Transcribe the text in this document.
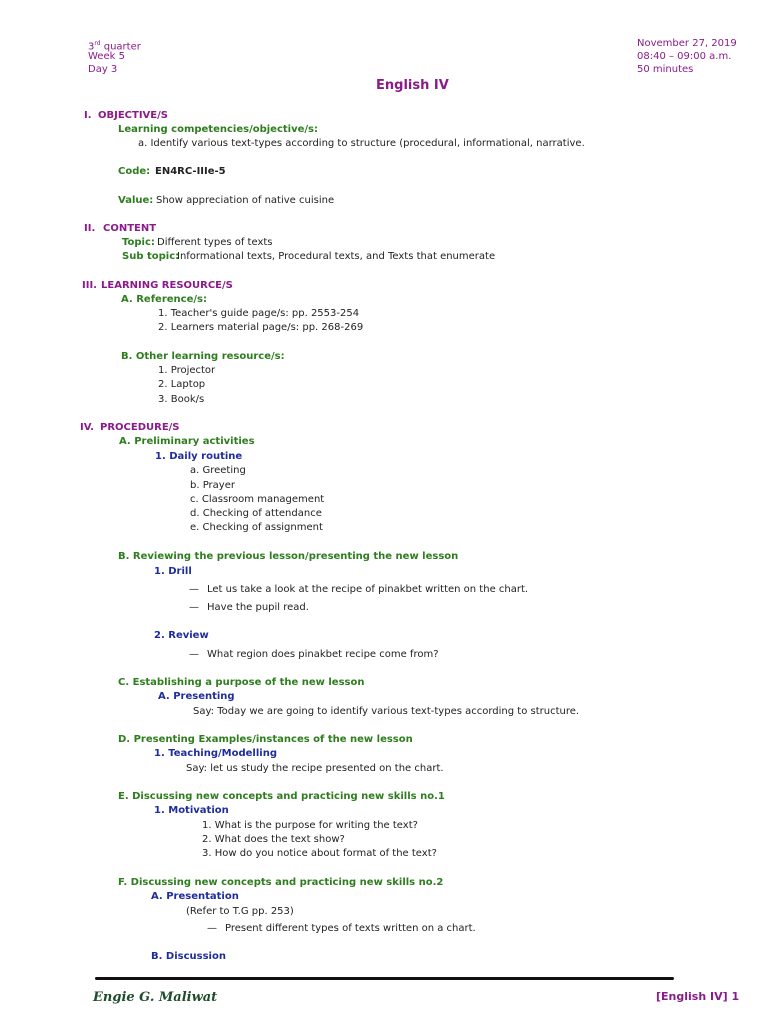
3rd quarter
Week 5
Day 3
November 27, 2019
08:40 – 09:00 a.m.
50 minutes
English IV
I. OBJECTIVE/S
Learning competencies/objective/s:
a. Identify various text-types according to structure (procedural, informational, narrative.
Code: EN4RC-IIIe-5
Value: Show appreciation of native cuisine
II. CONTENT
Topic: Different types of texts
Sub topic:
Informational texts, Procedural texts, and Texts that enumerate
III. LEARNING RESOURCE/S
A. Reference/s:
1. Teacher's guide page/s: pp. 2553-254
2. Learners material page/s: pp. 268-269
B. Other learning resource/s:
1. Projector
2. Laptop
3. Book/s
IV. PROCEDURE/S
A. Preliminary activities
1. Daily routine
a. Greeting
b. Prayer
c. Classroom management
d. Checking of attendance
e. Checking of assignment
B. Reviewing the previous lesson/presenting the new lesson
1. Drill
— Let us take a look at the recipe of pinakbet written on the chart.
— Have the pupil read.
2. Review
— What region does pinakbet recipe come from?
C. Establishing a purpose of the new lesson
A. Presenting
Say: Today we are going to identify various text-types according to structure.
D. Presenting Examples/instances of the new lesson
1. Teaching/Modelling
Say: let us study the recipe presented on the chart.
E. Discussing new concepts and practicing new skills no.1
1. Motivation
1. What is the purpose for writing the text?
2. What does the text show?
3. How do you notice about format of the text?
F. Discussing new concepts and practicing new skills no.2
A. Presentation
(Refer to T.G pp. 253)
— Present different types of texts written on a chart.
B. Discussion
Engie G. Maliwat	[English IV] 1
